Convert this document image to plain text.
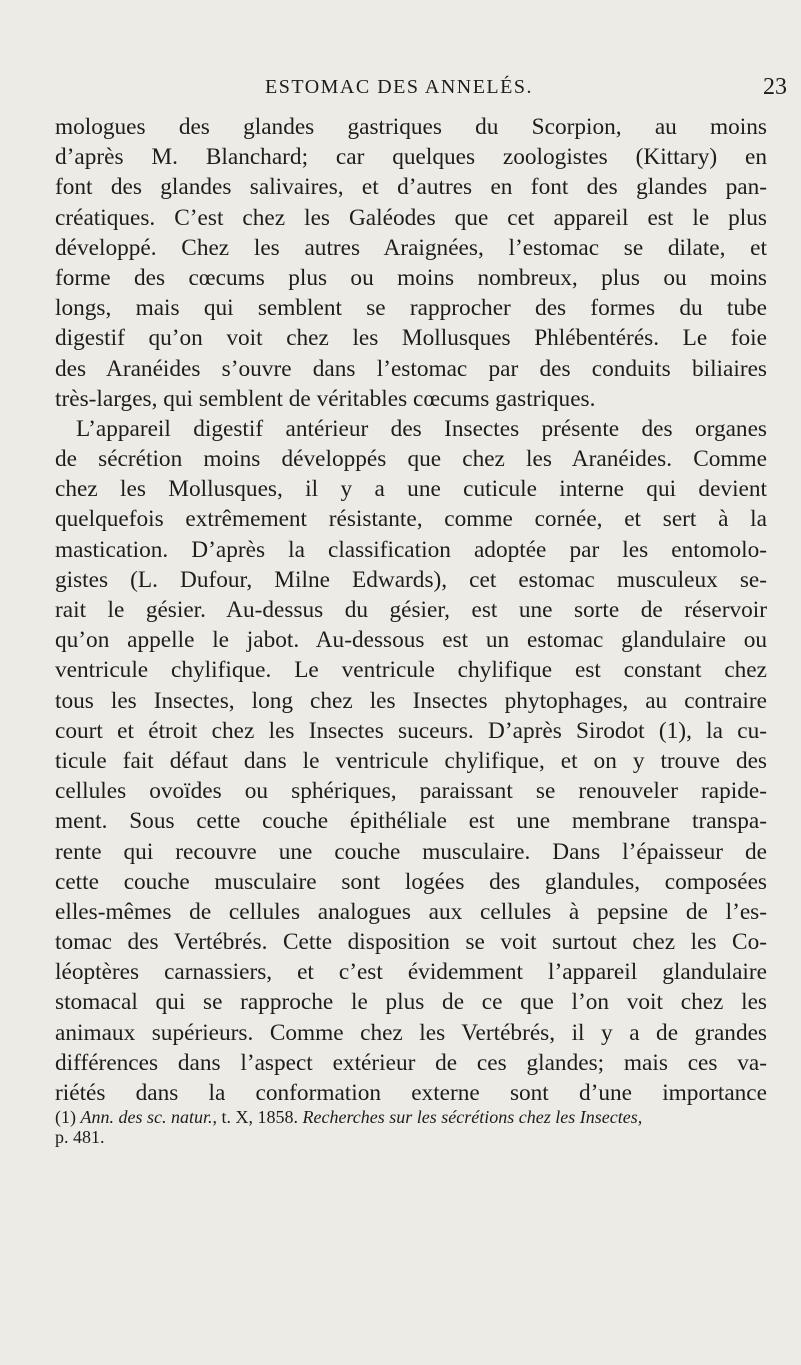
ESTOMAC DES ANNELÉS.	23
mologues des glandes gastriques du Scorpion, au moins
d’après M. Blanchard; car quelques zoologistes (Kittary) en
font des glandes salivaires, et d’autres en font des glandes pan-
créatiques. C’est chez les Galéodes que cet appareil est le plus
développé. Chez les autres Araignées, l’estomac se dilate, et
forme des cœcums plus ou moins nombreux, plus ou moins
longs, mais qui semblent se rapprocher des formes du tube
digestif qu’on voit chez les Mollusques Phlébentérés. Le foie
des Aranéides s’ouvre dans l’estomac par des conduits biliaires
très-larges, qui semblent de véritables cœcums gastriques.
L’appareil digestif antérieur des Insectes présente des organes
de sécrétion moins développés que chez les Aranéides. Comme
chez les Mollusques, il y a une cuticule interne qui devient
quelquefois extrêmement résistante, comme cornée, et sert à la
mastication. D’après la classification adoptée par les entomolo-
gistes (L. Dufour, Milne Edwards), cet estomac musculeux se-
rait le gésier. Au-dessus du gésier, est une sorte de réservoir
qu’on appelle le jabot. Au-dessous est un estomac glandulaire ou
ventricule chylifique. Le ventricule chylifique est constant chez
tous les Insectes, long chez les Insectes phytophages, au contraire
court et étroit chez les Insectes suceurs. D’après Sirodot (1), la cu-
ticule fait défaut dans le ventricule chylifique, et on y trouve des
cellules ovoïdes ou sphériques, paraissant se renouveler rapide-
ment. Sous cette couche épithéliale est une membrane transpa-
rente qui recouvre une couche musculaire. Dans l’épaisseur de
cette couche musculaire sont logées des glandules, composées
elles-mêmes de cellules analogues aux cellules à pepsine de l’es-
tomac des Vertébrés. Cette disposition se voit surtout chez les Co-
léoptères carnassiers, et c’est évidemment l’appareil glandulaire
stomacal qui se rapproche le plus de ce que l’on voit chez les
animaux supérieurs. Comme chez les Vertébrés, il y a de grandes
différences dans l’aspect extérieur de ces glandes; mais ces va-
riétés dans la conformation externe sont d’une importance
(1) Ann. des sc. natur., t. X, 1858. Recherches sur les sécrétions chez les Insectes,
p. 481.
